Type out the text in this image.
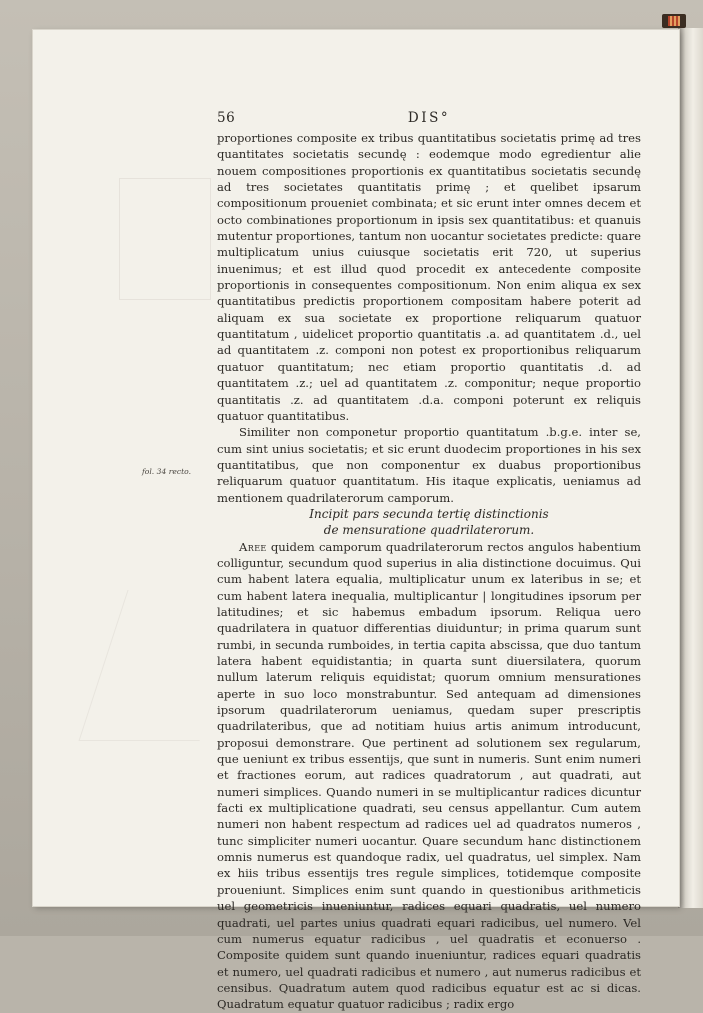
56	DIS°
fol. 34 recto.

proportiones composite ex tribus quantitatibus societatis primę ad tres quantitates societatis secundę : eodemque modo egredientur alie nouem compositiones proportionis ex quantitatibus societatis secundę ad tres societates quantitatis primę ; et quelibet ipsarum compositionum proueniet combinata; et sic erunt inter omnes decem et octo combinationes proportionum in ipsis sex quantitatibus: et quanuis mutentur proportiones, tantum non uocantur societates predicte: quare multiplicatum unius cuiusque societatis erit 720, ut superius inuenimus; et est illud quod procedit ex antecedente composite proportionis in consequentes compositionum. Non enim aliqua ex sex quantitatibus predictis proportionem compositam habere poterit ad aliquam ex sua societate ex proportione reliquarum quatuor quantitatum , uidelicet proportio quantitatis .a. ad quantitatem .d., uel ad quantitatem .z. componi non potest ex proportionibus reliquarum quatuor quantitatum; nec etiam proportio quantitatis .d. ad quantitatem .z.; uel ad quantitatem .z. componitur; neque proportio quantitatis .z. ad quantitatem .d.a. componi poterunt ex reliquis quatuor quantitatibus.

Similiter non componetur proportio quantitatum .b.g.e. inter se, cum sint unius societatis; et sic erunt duodecim proportiones in his sex quantitatibus, que non componentur ex duabus proportionibus reliquarum quatuor quantitatum. His itaque explicatis, ueniamus ad mentionem quadrilaterorum camporum.

Incipit pars secunda tertię distinctionis

de mensuratione quadrilaterorum.

Aree quidem camporum quadrilaterorum rectos angulos habentium colliguntur, secundum quod superius in alia distinctione docuimus. Qui cum habent latera equalia, multiplicatur unum ex lateribus in se; et cum habent latera inequalia, multiplicantur | longitudines ipsorum per latitudines; et sic habemus embadum ipsorum. Reliqua uero quadrilatera in quatuor differentias diuiduntur; in prima quarum sunt rumbi, in secunda rumboides, in tertia capita abscissa, que duo tantum latera habent equidistantia; in quarta sunt diuersilatera, quorum nullum laterum reliquis equidistat; quorum omnium mensurationes aperte in suo loco monstrabuntur. Sed antequam ad dimensiones ipsorum quadrilaterorum ueniamus, quedam super prescriptis quadrilateribus, que ad notitiam huius artis animum introducunt, proposui demonstrare. Que pertinent ad solutionem sex regularum, que ueniunt ex tribus essentijs, que sunt in numeris. Sunt enim numeri et fractiones eorum, aut radices quadratorum , aut quadrati, aut numeri simplices. Quando numeri in se multiplicantur radices dicuntur facti ex multiplicatione quadrati, seu census appellantur. Cum autem numeri non habent respectum ad radices uel ad quadratos numeros , tunc simpliciter numeri uocantur. Quare secundum hanc distinctionem omnis numerus est quandoque radix, uel quadratus, uel simplex. Nam ex hiis tribus essentijs tres regule simplices, totidemque composite proueniunt. Simplices enim sunt quando in questionibus arithmeticis uel geometricis inueniuntur, radices equari quadratis, uel numero quadrati, uel partes unius quadrati equari radicibus, uel numero. Vel cum numerus equatur radicibus , uel quadratis et econuerso . Composite quidem sunt quando inueniuntur, radices equari quadratis et numero, uel quadrati radicibus et numero , aut numerus radicibus et censibus. Quadratum autem quod radicibus equatur est ac si dicas. Quadratum equatur quatuor radicibus ; radix ergo
